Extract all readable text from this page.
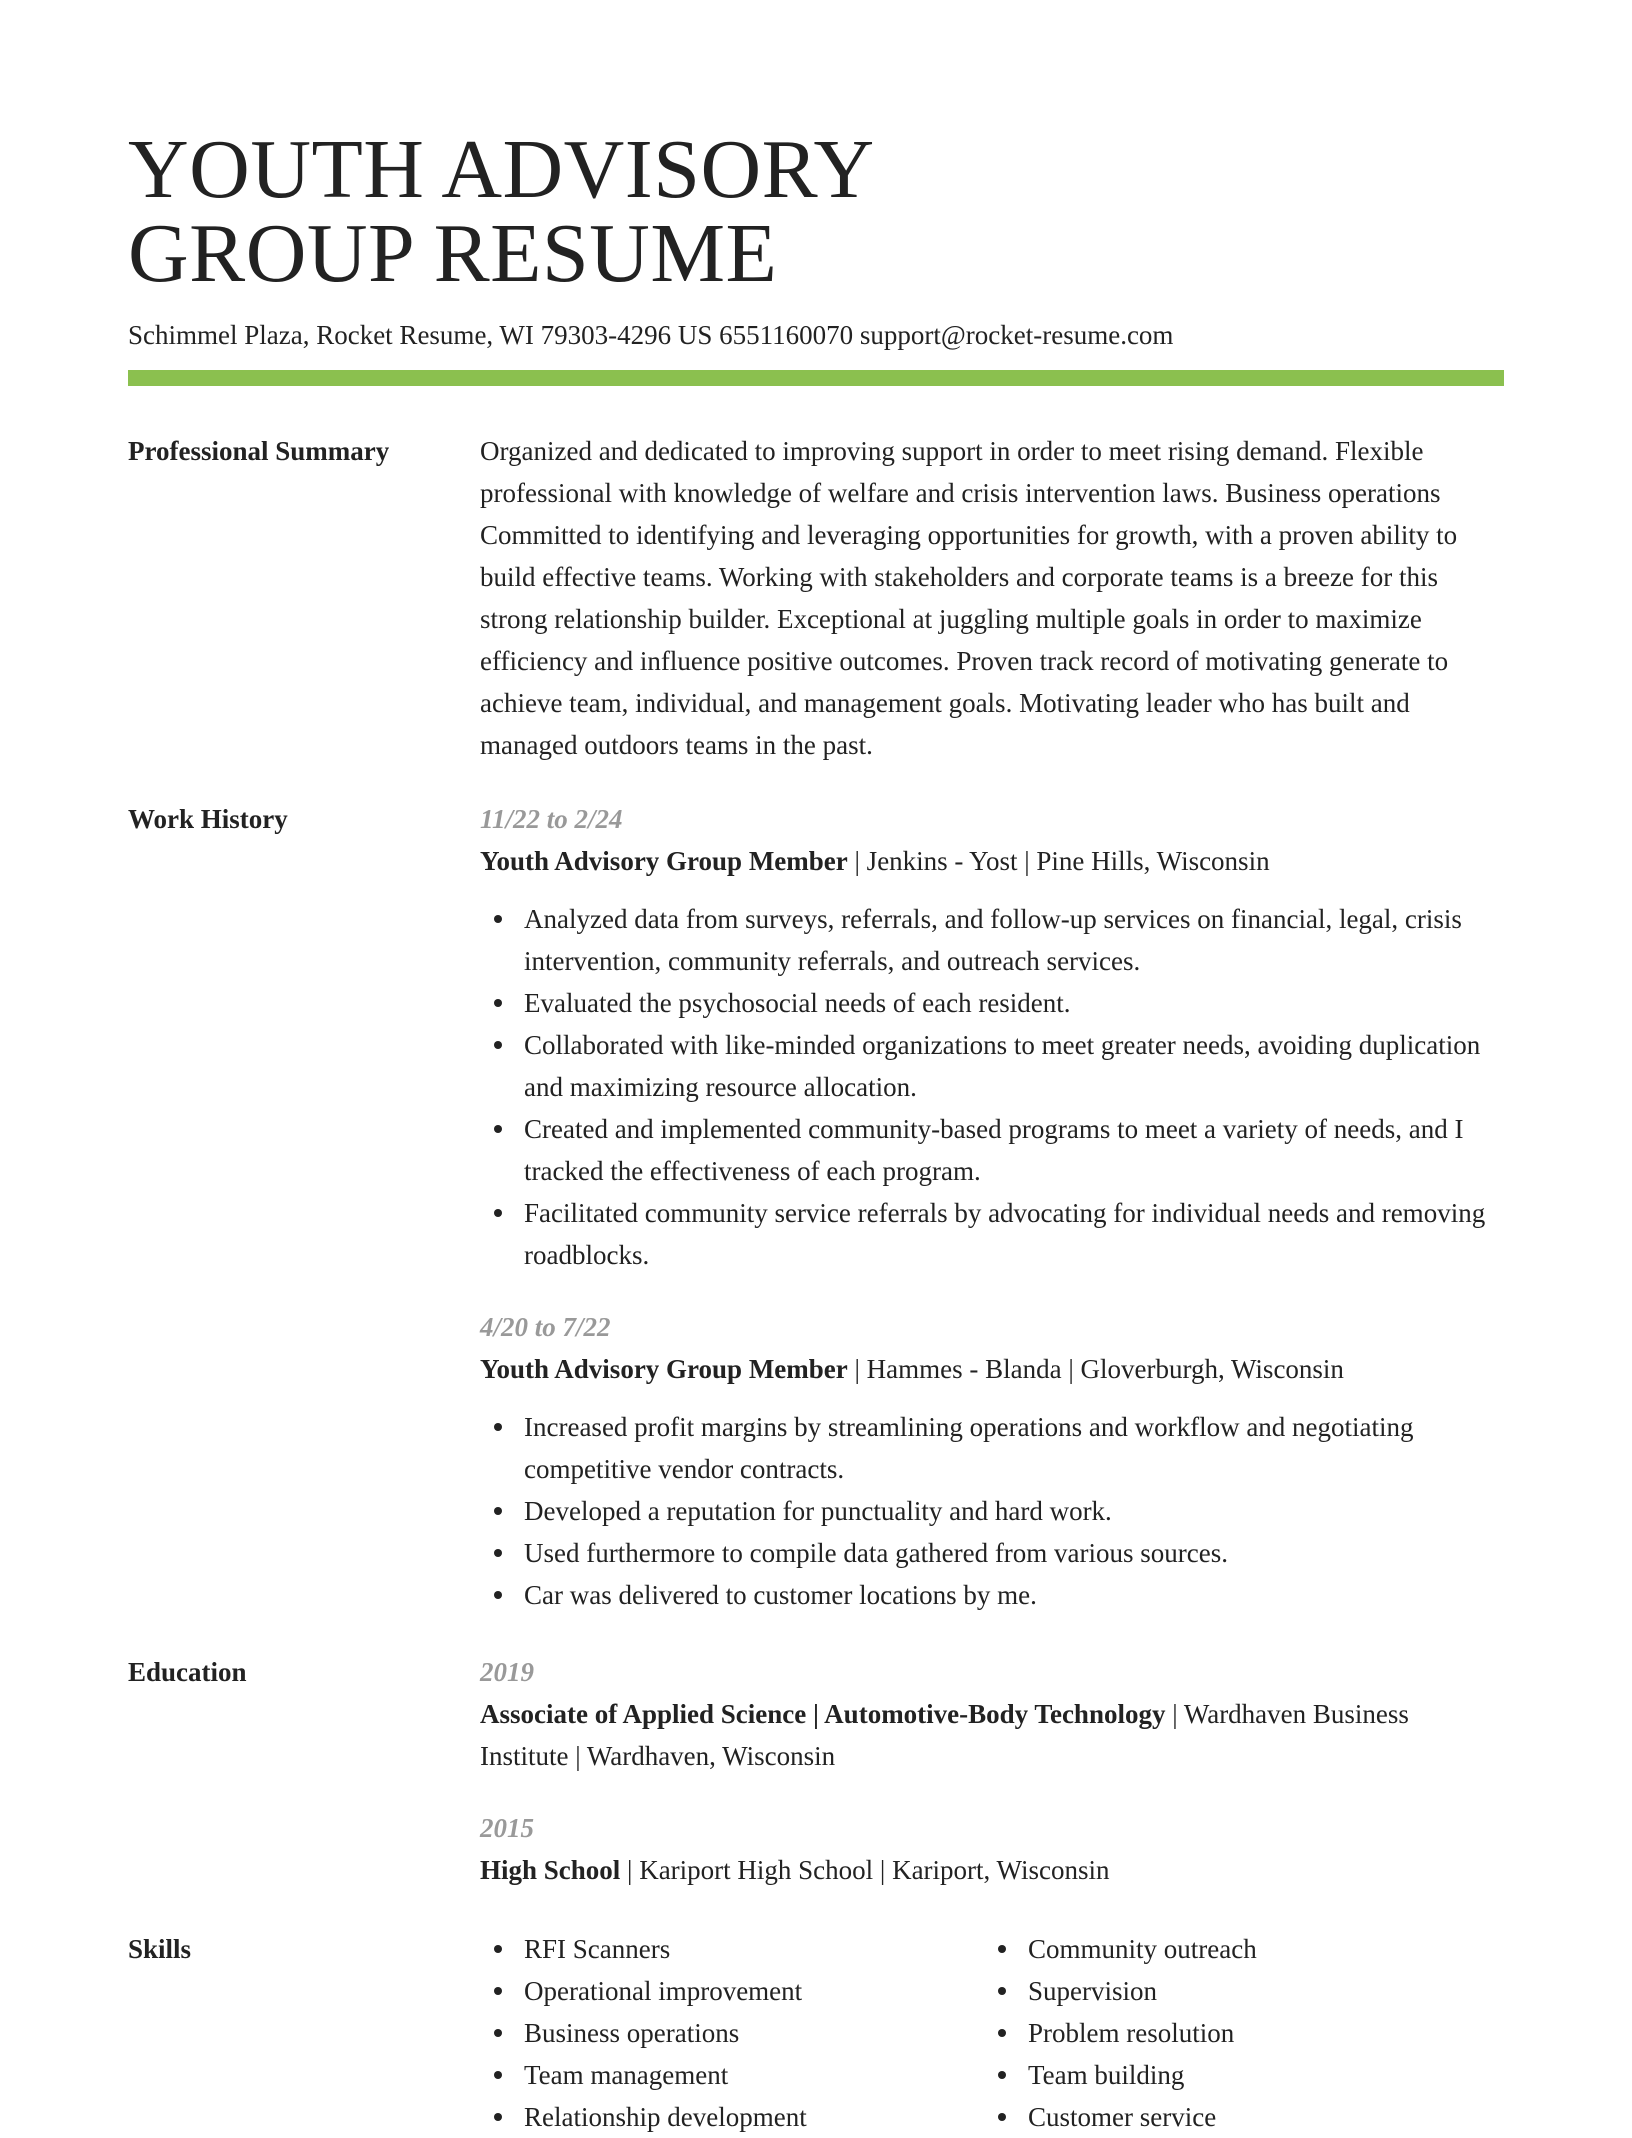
YOUTH ADVISORY
GROUP RESUME
Schimmel Plaza, Rocket Resume, WI 79303-4296 US 6551160070 support@rocket-resume.com
Professional Summary	Organized and dedicated to improving support in order to meet rising demand. Flexible professional with knowledge of welfare and crisis intervention laws. Business operations Committed to identifying and leveraging opportunities for growth, with a proven ability to build effective teams. Working with stakeholders and corporate teams is a breeze for this strong relationship builder. Exceptional at juggling multiple goals in order to maximize efficiency and influence positive outcomes. Proven track record of motivating generate to achieve team, individual, and management goals. Motivating leader who has built and managed outdoors teams in the past.

Work History	11/22 to 2/24
Youth Advisory Group Member | Jenkins - Yost | Pine Hills, Wisconsin
Analyzed data from surveys, referrals, and follow-up services on financial, legal, crisis intervention, community referrals, and outreach services.
Evaluated the psychosocial needs of each resident.
Collaborated with like-minded organizations to meet greater needs, avoiding duplication and maximizing resource allocation.
Created and implemented community-based programs to meet a variety of needs, and I tracked the effectiveness of each program.
Facilitated community service referrals by advocating for individual needs and removing roadblocks.
4/20 to 7/22
Youth Advisory Group Member | Hammes - Blanda | Gloverburgh, Wisconsin
Increased profit margins by streamlining operations and workflow and negotiating competitive vendor contracts.
Developed a reputation for punctuality and hard work.
Used furthermore to compile data gathered from various sources.
Car was delivered to customer locations by me.
Education	2019
Associate of Applied Science | Automotive-Body Technology | Wardhaven Business Institute | Wardhaven, Wisconsin
2015
High School | Kariport High School | Kariport, Wisconsin
Skills	RFI Scanners
Operational improvement
Business operations
Team management
Relationship development
Community outreach
Supervision
Problem resolution
Team building
Customer service
